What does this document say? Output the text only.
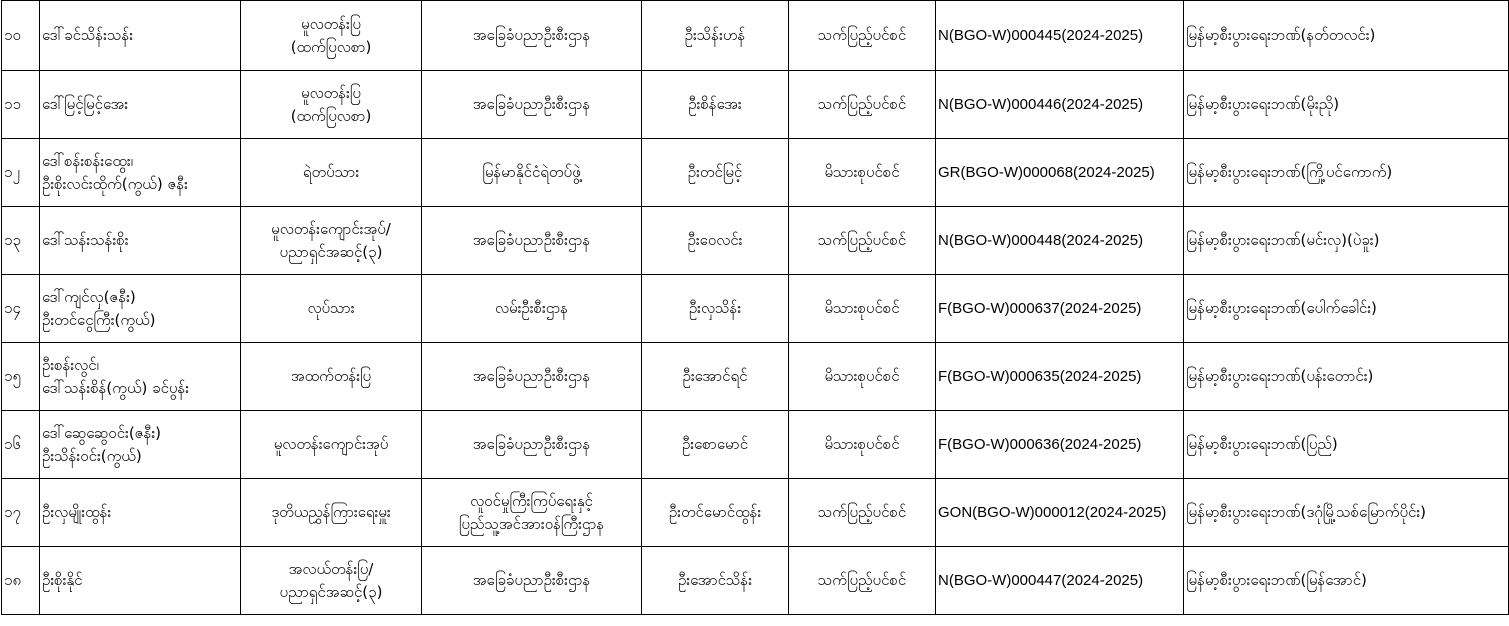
၁၀	ဒေါ်ခင်သိန်းသန်း	မူလတန်းပြ
(ထက်ပြလစာ)	အခြေခံပညာဦးစီးဌာန	ဦးသိန်းဟန်	သက်ပြည့်ပင်စင်	N(BGO-W)000445(2024-2025)	မြန်မာ့စီးပွားရေးဘဏ်(နတ်တလင်း)
၁၁	ဒေါ်မြင့်မြင့်အေး	မူလတန်းပြ
(ထက်ပြလစာ)	အခြေခံပညာဦးစီးဌာန	ဦးစိန်အေး	သက်ပြည့်ပင်စင်	N(BGO-W)000446(2024-2025)	မြန်မာ့စီးပွားရေးဘဏ်(မိုးညို)
၁၂	ဒေါ်စန်းစန်းထွေး၊
ဦးစိုးလင်းထိုက်(ကွယ်) ဇနီး	ရဲတပ်သား	မြန်မာနိုင်ငံရဲတပ်ဖွဲ့	ဦးတင်မြင့်	မိသားစုပင်စင်	GR(BGO-W)000068(2024-2025)	မြန်မာ့စီးပွားရေးဘဏ်(ကြို့ပင်ကောက်)
၁၃	ဒေါ်သန်းသန်းစိုး	မူလတန်းကျောင်းအုပ်/
ပညာရှင်အဆင့်(၃)	အခြေခံပညာဦးစီးဌာန	ဦးဝေလင်း	သက်ပြည့်ပင်စင်	N(BGO-W)000448(2024-2025)	မြန်မာ့စီးပွားရေးဘဏ်(မင်းလှ)(ပဲခူး)
၁၄	ဒေါ်ကျင်လှ(ဇနီး)
ဦးတင်ငွေကြီး(ကွယ်)	လုပ်သား	လမ်းဦးစီးဌာန	ဦးလှသိန်း	မိသားစုပင်စင်	F(BGO-W)000637(2024-2025)	မြန်မာ့စီးပွားရေးဘဏ်(ပေါက်ခေါင်း)
၁၅	ဦးစန်းလွင်၊
ဒေါ်သန်းစိန်(ကွယ်) ခင်ပွန်း	အထက်တန်းပြ	အခြေခံပညာဦးစီးဌာန	ဦးအောင်ရင်	မိသားစုပင်စင်	F(BGO-W)000635(2024-2025)	မြန်မာ့စီးပွားရေးဘဏ်(ပန်းတောင်း)
၁၆	ဒေါ်ဆွေဆွေဝင်း(ဇနီး)
ဦးသိန်းဝင်း(ကွယ်)	မူလတန်းကျောင်းအုပ်	အခြေခံပညာဦးစီးဌာန	ဦးစောမောင်	မိသားစုပင်စင်	F(BGO-W)000636(2024-2025)	မြန်မာ့စီးပွားရေးဘဏ်(ပြည်)
၁၇	ဦးလှမျိုးထွန်း	ဒုတိယညွှန်ကြားရေးမှူး	လူဝင်မှုကြီးကြပ်ရေးနှင့်
ပြည်သူ့အင်အားဝန်ကြီးဌာန	ဦးတင်မောင်ထွန်း	သက်ပြည့်ပင်စင်	GON(BGO-W)000012(2024-2025)	မြန်မာ့စီးပွားရေးဘဏ်(ဒဂုံမြို့သစ်မြောက်ပိုင်း)
၁၈	ဦးစိုးနိုင်	အလယ်တန်းပြ/
ပညာရှင်အဆင့်(၃)	အခြေခံပညာဦးစီးဌာန	ဦးအောင်သိန်း	သက်ပြည့်ပင်စင်	N(BGO-W)000447(2024-2025)	မြန်မာ့စီးပွားရေးဘဏ်(မြန်အောင်)
